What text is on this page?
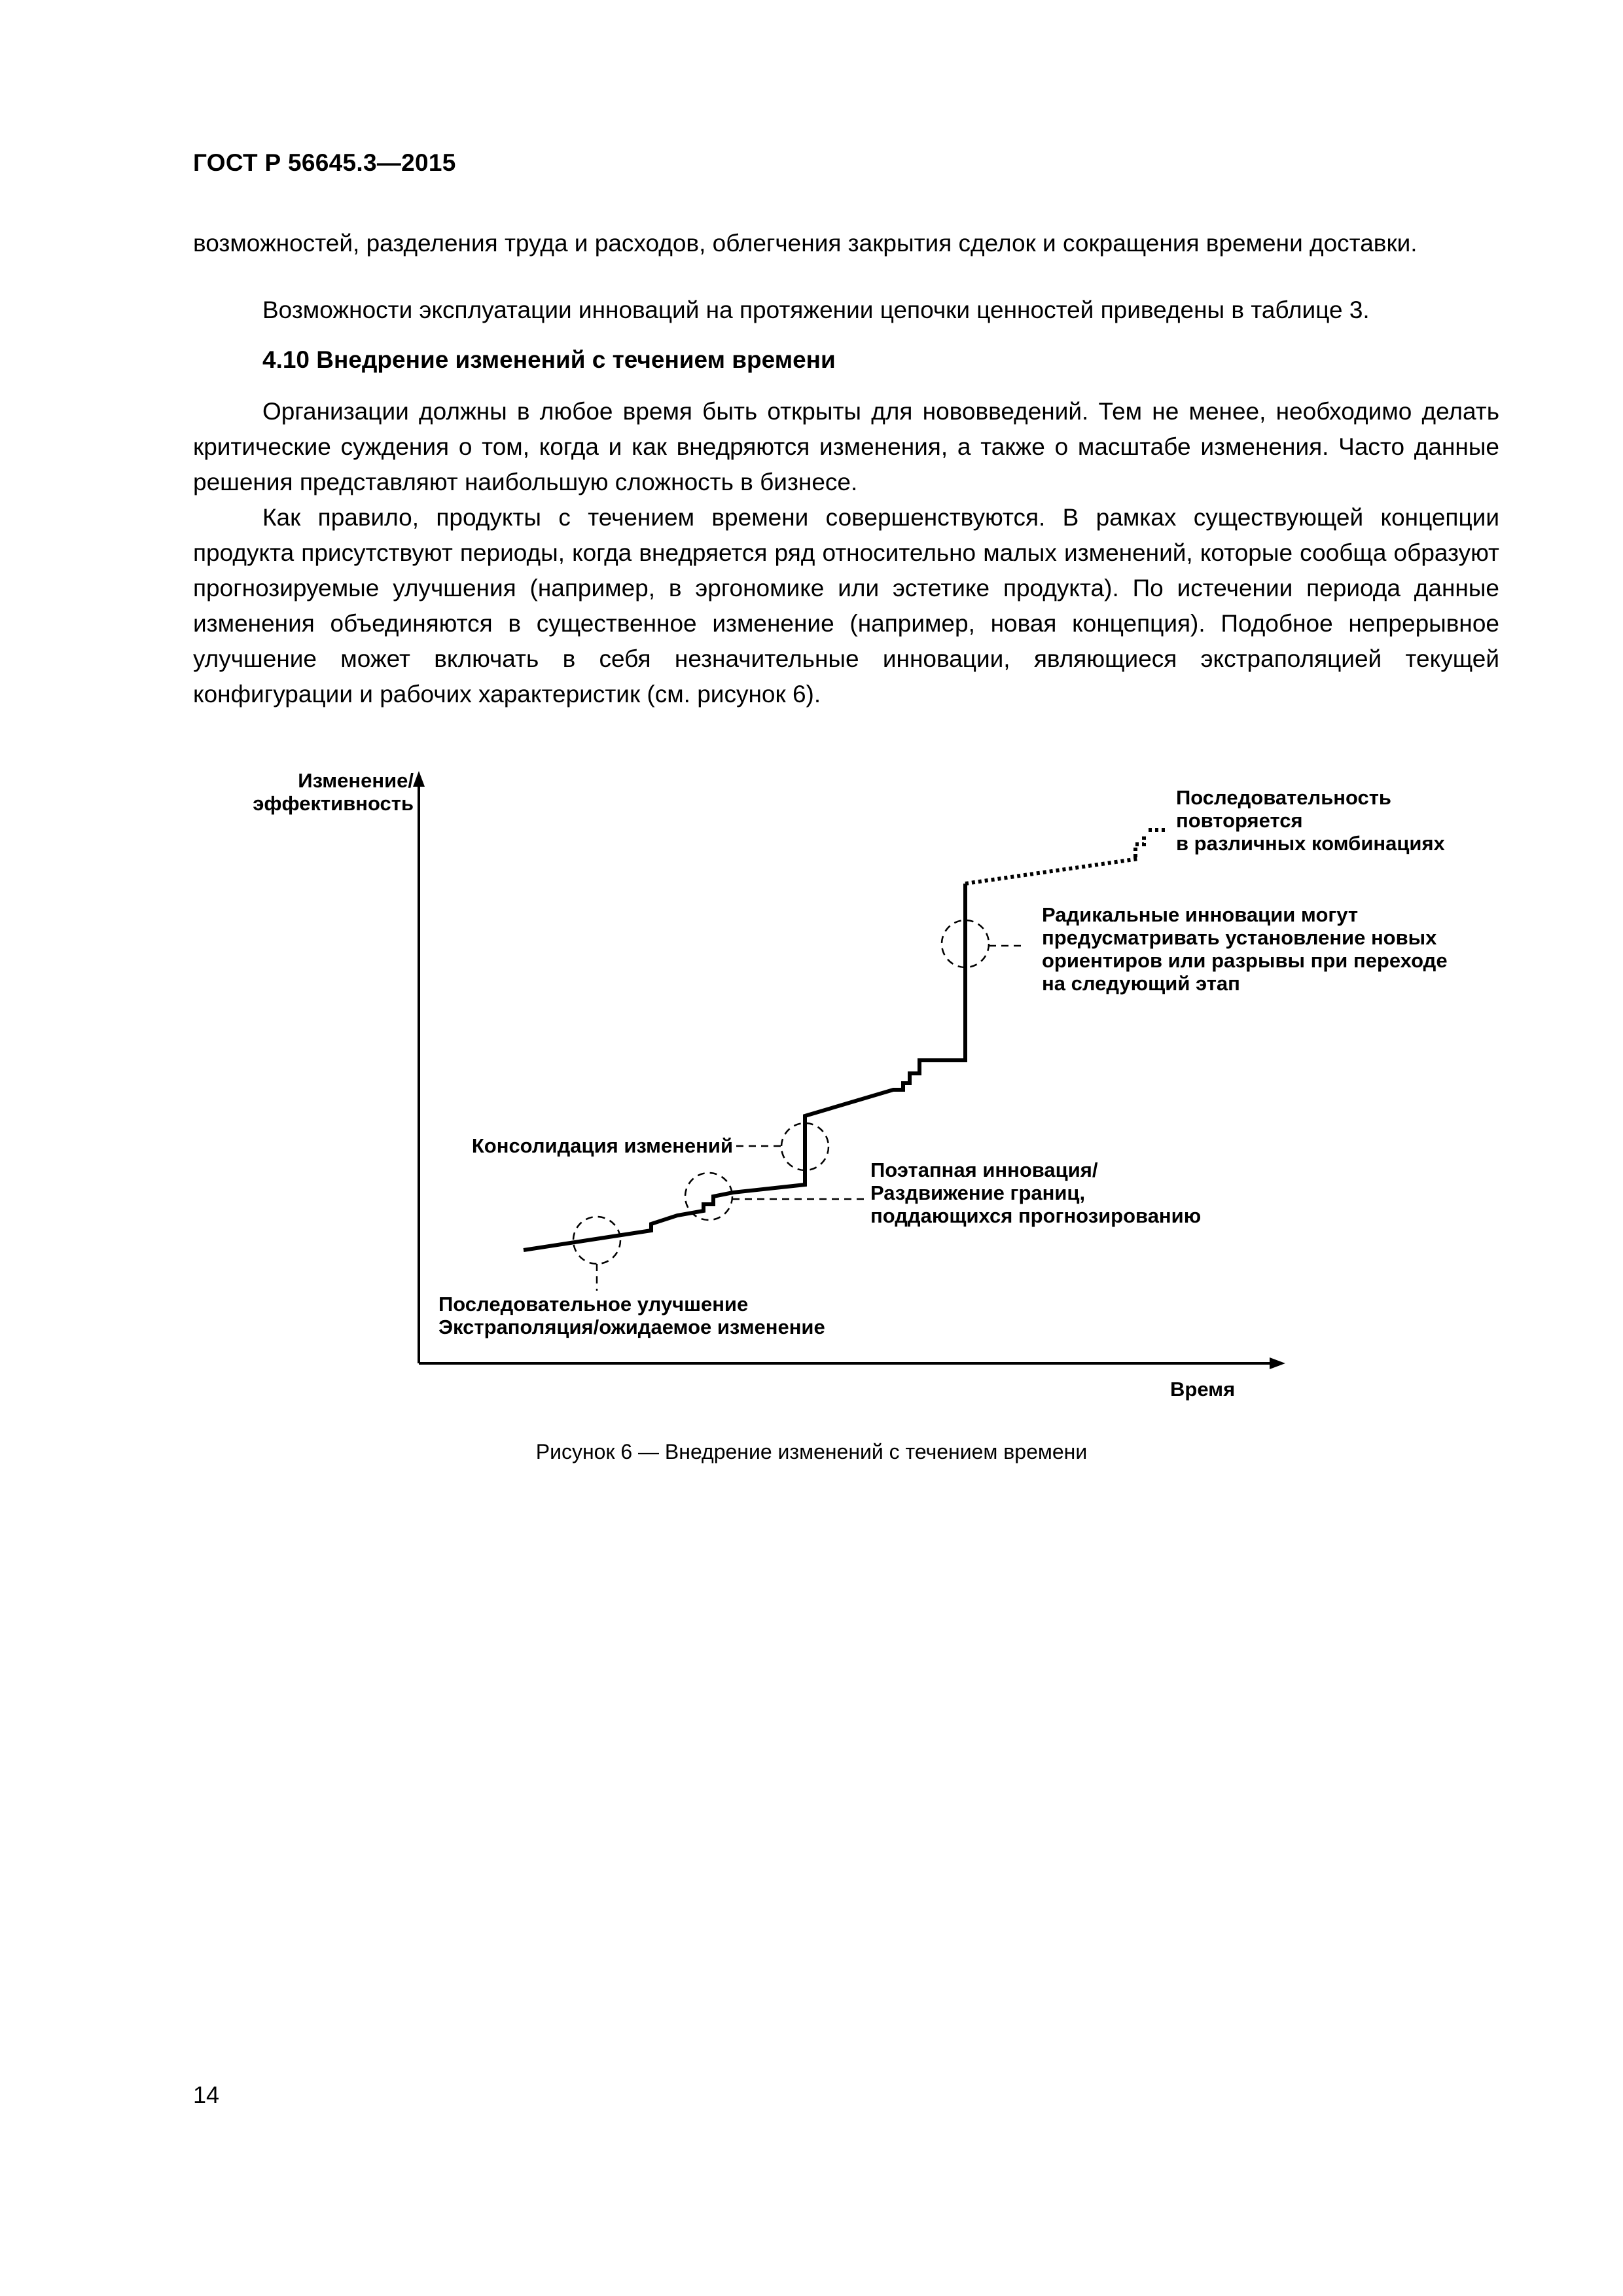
ГОСТ Р 56645.3—2015

возможностей, разделения труда и расходов, облегчения закрытия сделок и сокращения времени доставки.

Возможности эксплуатации инноваций на протяжении цепочки ценностей приведены в таблице 3.

4.10 Внедрение изменений с течением времени

Организации должны в любое время быть открыты для нововведений. Тем не менее, необходимо делать критические суждения о том, когда и как внедряются изменения, а также о масштабе изменения. Часто данные решения представляют наибольшую сложность в бизнесе.

Как правило, продукты с течением времени совершенствуются. В рамках существующей концепции продукта присутствуют периоды, когда внедряется ряд относительно малых изменений, которые сообща образуют прогнозируемые улучшения (например, в эргономике или эстетике продукта). По истечении периода данные изменения объединяются в существенное изменение (например, новая концепция). Подобное непрерывное улучшение может включать в себя незначительные инновации, являющиеся экстраполяцией текущей конфигурации и рабочих характеристик (см. рисунок 6).

Изменение/
эффективность
Время
Последовательность
повторяется
в различных комбинациях
Радикальные инновации могут
предусматривать установление новых
ориентиров или разрывы при переходе
на следующий этап
Консолидация изменений
Поэтапная инновация/
Раздвижение границ,
поддающихся прогнозированию
Последовательное улучшение
Экстраполяция/ожидаемое изменение
Рисунок 6 — Внедрение изменений с течением времени
14
